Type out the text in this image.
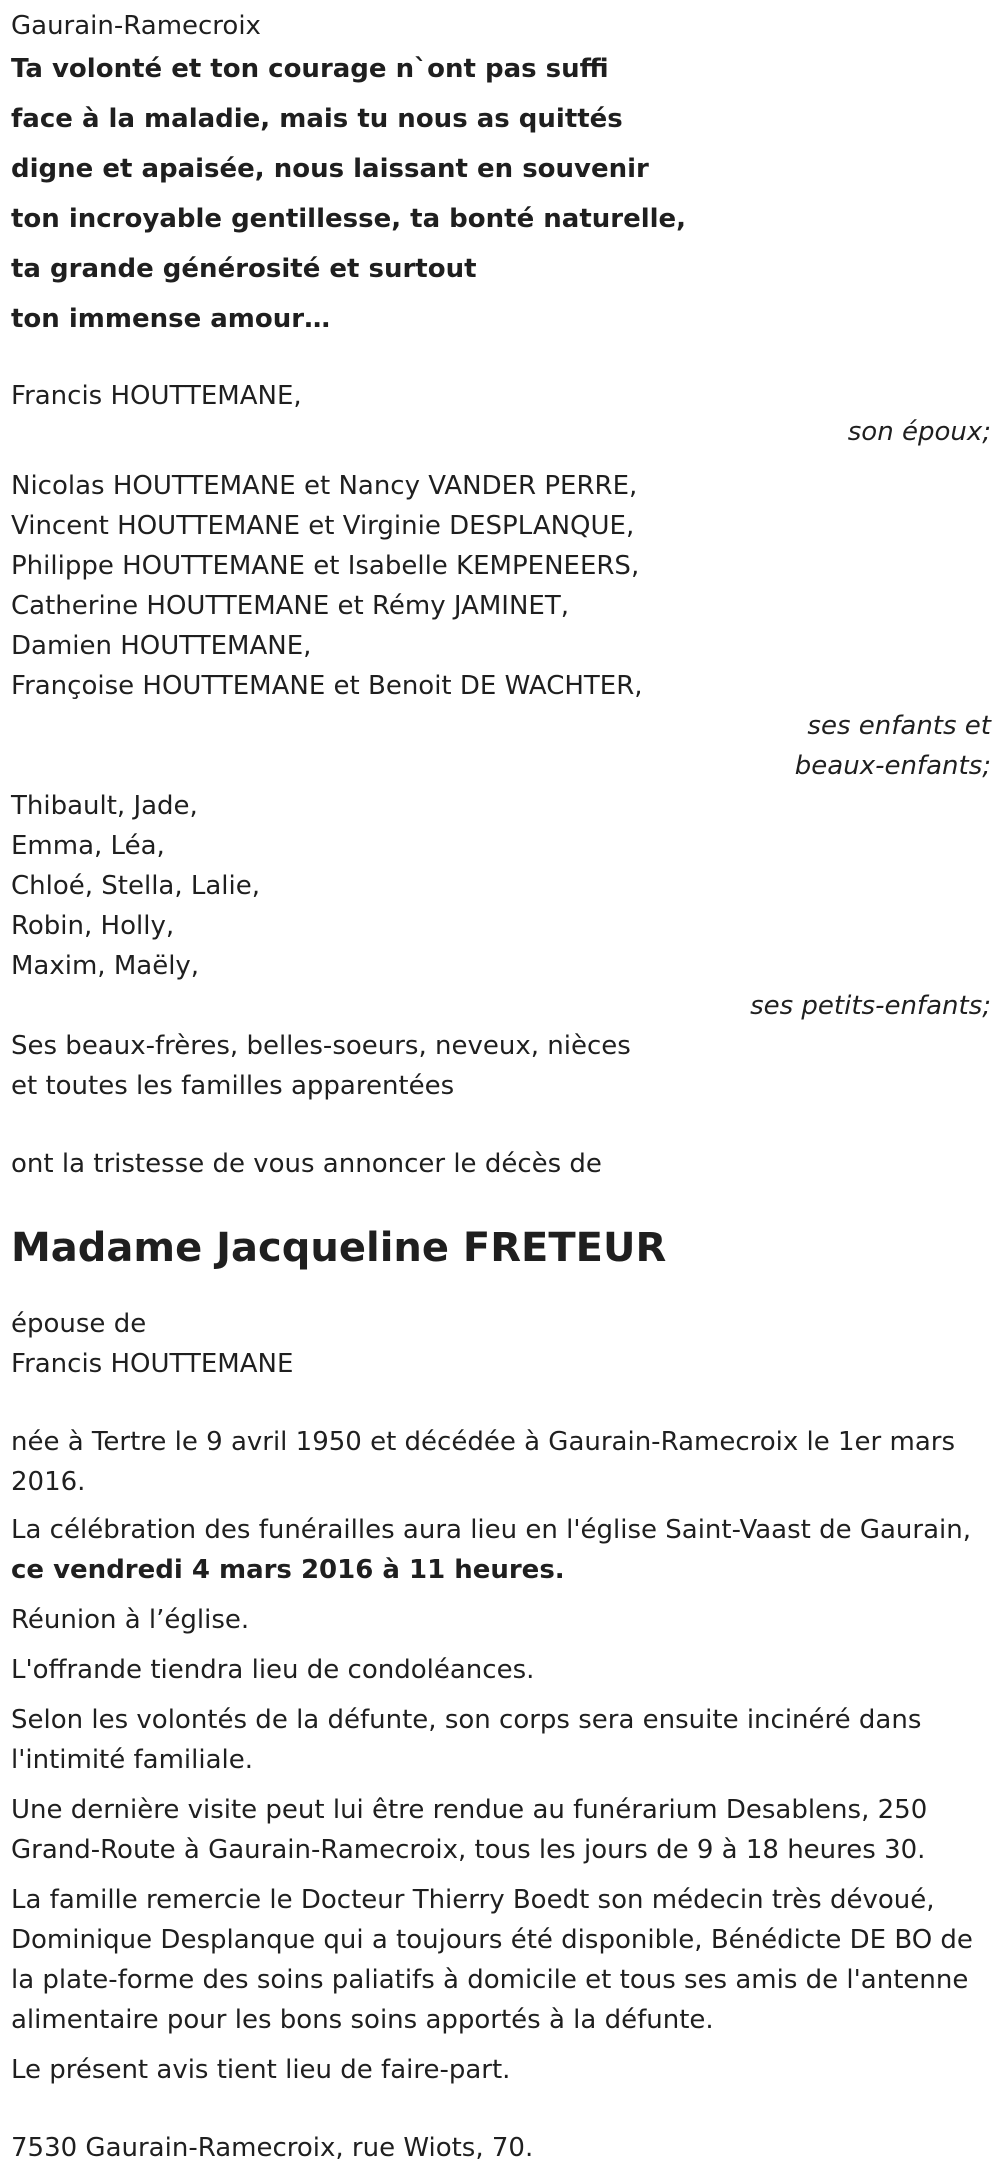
Gaurain-Ramecroix
Ta volonté et ton courage n`ont pas suffi
face à la maladie, mais tu nous as quittés
digne et apaisée, nous laissant en souvenir
ton incroyable gentillesse, ta bonté naturelle,
ta grande générosité et surtout
ton immense amour…
Francis HOUTTEMANE,
son époux;
Nicolas HOUTTEMANE et Nancy VANDER PERRE,
Vincent HOUTTEMANE et Virginie DESPLANQUE,
Philippe HOUTTEMANE et Isabelle KEMPENEERS,
Catherine HOUTTEMANE et Rémy JAMINET,
Damien HOUTTEMANE,
Françoise HOUTTEMANE et Benoit DE WACHTER,
ses enfants et
beaux-enfants;
Thibault, Jade,
Emma, Léa,
Chloé, Stella, Lalie,
Robin, Holly,
Maxim, Maëly,
ses petits-enfants;
Ses beaux-frères, belles-soeurs, neveux, nièces
et toutes les familles apparentées
ont la tristesse de vous annoncer le décès de
Madame Jacqueline FRETEUR
épouse de
Francis HOUTTEMANE
née à Tertre le 9 avril 1950 et décédée à Gaurain-Ramecroix le 1er mars 2016.
La célébration des funérailles aura lieu en l'église Saint-Vaast de Gaurain,
ce vendredi 4 mars 2016 à 11 heures.
Réunion à l’église.
L'offrande tiendra lieu de condoléances.
Selon les volontés de la défunte, son corps sera ensuite incinéré dans l'intimité familiale.
Une dernière visite peut lui être rendue au funérarium Desablens, 250 Grand-Route à Gaurain-Ramecroix, tous les jours de 9 à 18 heures 30.
La famille remercie le Docteur Thierry Boedt son médecin très dévoué, Dominique Desplanque qui a toujours été disponible, Bénédicte DE BO de la plate-forme des soins paliatifs à domicile et tous ses amis de l'antenne alimentaire pour les bons soins apportés à la défunte.
Le présent avis tient lieu de faire-part.
7530 Gaurain-Ramecroix, rue Wiots, 70.
